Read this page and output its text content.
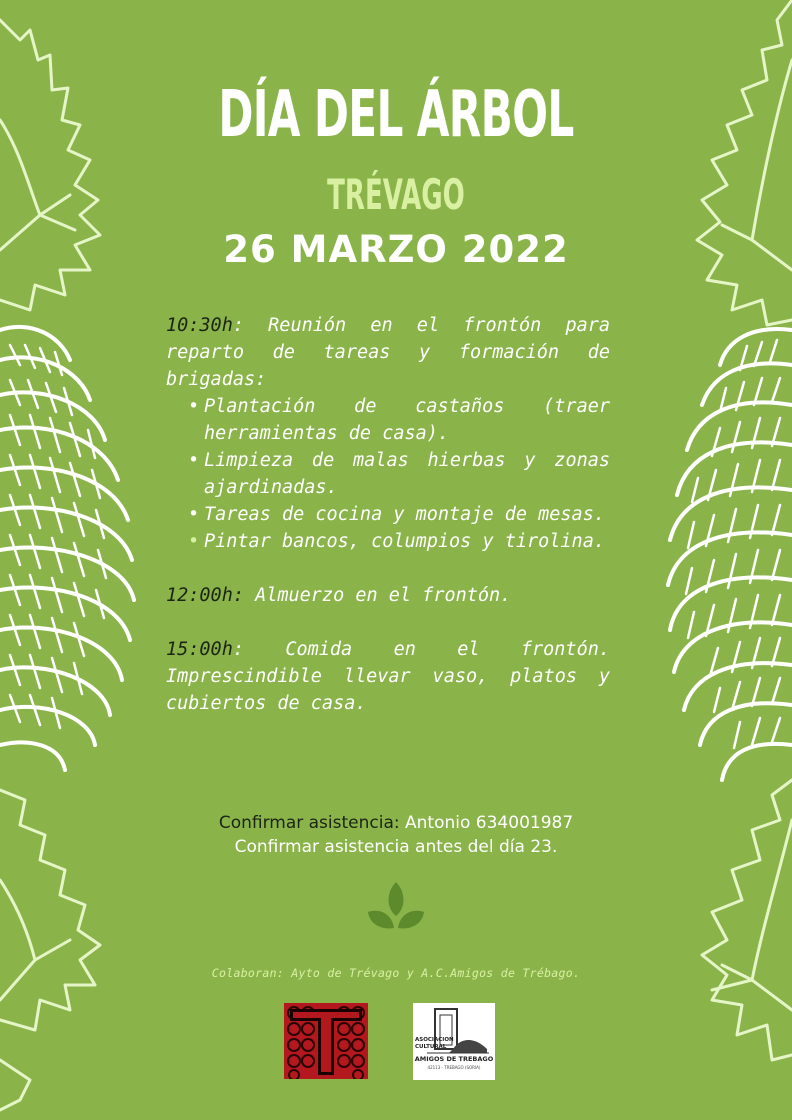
DÍA DEL ÁRBOL
TRÉVAGO
26 MARZO 2022

10:30h: Reunión en el frontón para reparto de tareas y formación de brigadas:

• Plantación de castaños (traer herramientas de casa).
• Limpieza de malas hierbas y zonas ajardinadas.
• Tareas de cocina y montaje de mesas.
• Pintar bancos, columpios y tirolina.

12:00h: Almuerzo en el frontón.

15:00h: Comida en el frontón. Imprescindible llevar vaso, platos y cubiertos de casa.

Confirmar asistencia: Antonio 634001987
Confirmar asistencia antes del día 23.
Colaboran: Ayto de Trévago y A.C.Amigos de Trébago.
ASOCIACION
CULTURAL
AMIGOS DE TREBAGO
42113 - TREBAGO (SORIA)
